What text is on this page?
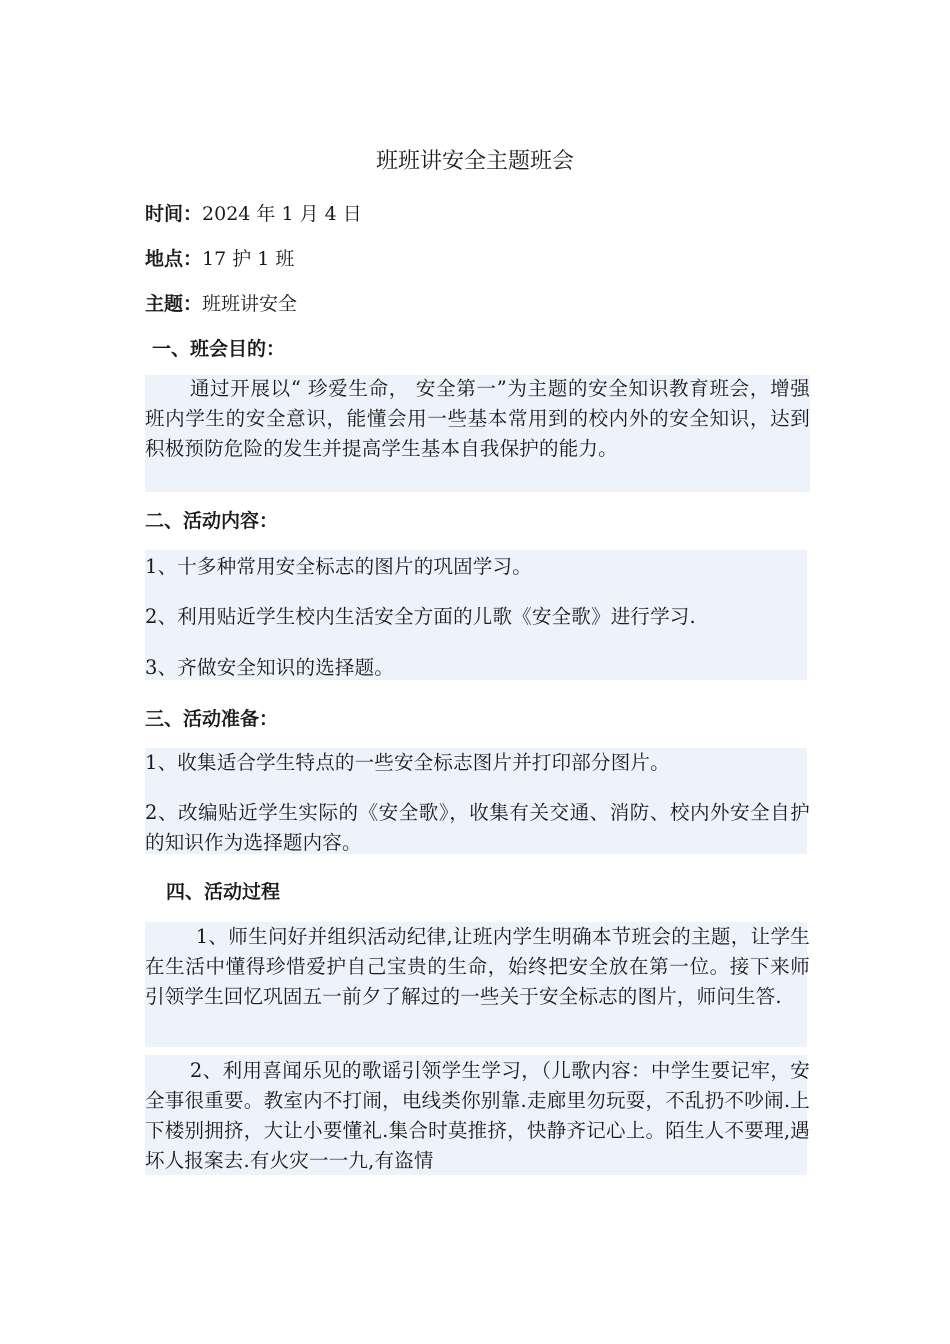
班班讲安全主题班会
时间：2024 年 1 月 4 日
地点：17 护 1 班
主题：班班讲安全
一、班会目的：
通过开展以“ 珍爱生命， 安全第一”为主题的安全知识教育班会，增强班内学生的安全意识，能懂会用一些基本常用到的校内外的安全知识，达到积极预防危险的发生并提高学生基本自我保护的能力。
二、活动内容：
1、十多种常用安全标志的图片的巩固学习。
2、利用贴近学生校内生活安全方面的儿歌《安全歌》进行学习.
3、齐做安全知识的选择题。
三、活动准备：
1、收集适合学生特点的一些安全标志图片并打印部分图片。
2、改编贴近学生实际的《安全歌》，收集有关交通、消防、校内外安全自护的知识作为选择题内容。
四、活动过程
1、师生问好并组织活动纪律,让班内学生明确本节班会的主题，让学生在生活中懂得珍惜爱护自己宝贵的生命，始终把安全放在第一位。接下来师引领学生回忆巩固五一前夕了解过的一些关于安全标志的图片，师问生答.
2、利用喜闻乐见的歌谣引领学生学习，（儿歌内容：中学生要记牢，安全事很重要。教室内不打闹，电线类你别靠.走廊里勿玩耍，不乱扔不吵闹.上下楼别拥挤，大让小要懂礼.集合时莫推挤，快静齐记心上。陌生人不要理,遇坏人报案去.有火灾一一九,有盗情
